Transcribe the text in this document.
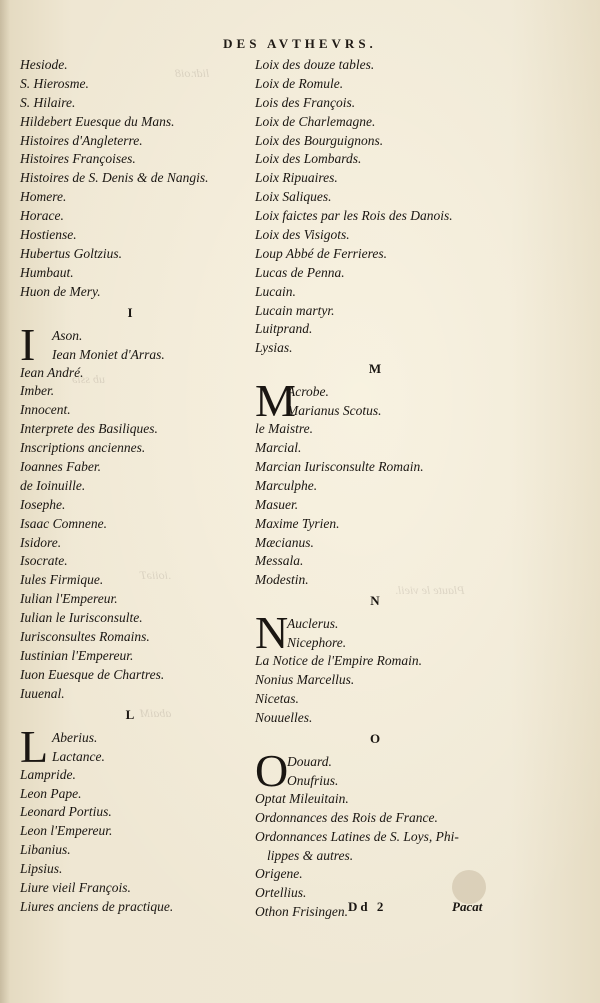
lidr.oi8
ub ssiə
.ioiiəT
Plaute le vieil.
abaiM
DES AVTHEVRS.
Hesiode.
S. Hierosme.
S. Hilaire.
Hildebert Euesque du Mans.
Histoires d'Angleterre.
Histoires Françoises.
Histoires de S. Denis & de Nangis.
Homere.
Horace.
Hostiense.
Hubertus Goltzius.
Humbaut.
Huon de Mery.
I
I	Ason.
Iean Moniet d'Arras.
Iean André.
Imber.
Innocent.
Interprete des Basiliques.
Inscriptions anciennes.
Ioannes Faber.
de Ioinuille.
Iosephe.
Isaac Comnene.
Isidore.
Isocrate.
Iules Firmique.
Iulian l'Empereur.
Iulian le Iurisconsulte.
Iurisconsultes Romains.
Iustinian l'Empereur.
Iuon Euesque de Chartres.
Iuuenal.
L
L Aberius.
Lactance.
Lampride.
Leon Pape.
Leonard Portius.
Leon l'Empereur.
Libanius.
Lipsius.
Liure vieil François.
Liures anciens de practique.
Loix des douze tables.
Loix de Romule.
Lois des François.
Loix de Charlemagne.
Loix des Bourguignons.
Loix des Lombards.
Loix Ripuaires.
Loix Saliques.
Loix faictes par les Rois des Danois.
Loix des Visigots.
Loup Abbé de Ferrieres.
Lucas de Penna.
Lucain.
Lucain martyr.
Luitprand.
Lysias.
M
M
Acrobe.
Marianus Scotus.
le Maistre.
Marcial.
Marcian Iurisconsulte Romain.
Marculphe.
Masuer.
Maxime Tyrien.
Mæcianus.
Messala.
Modestin.
N
N
Auclerus.
Nicephore.
La Notice de l'Empire Romain.
Nonius Marcellus.
Nicetas.
Nouuelles.
O
O
Douard.
Onufrius.
Optat Mileuitain.
Ordonnances des Rois de France.
Ordonnances Latines de S. Loys, Phi-
lippes & autres.
Origene.
Ortellius.
Othon Frisingen. Dd 2	Pacat
